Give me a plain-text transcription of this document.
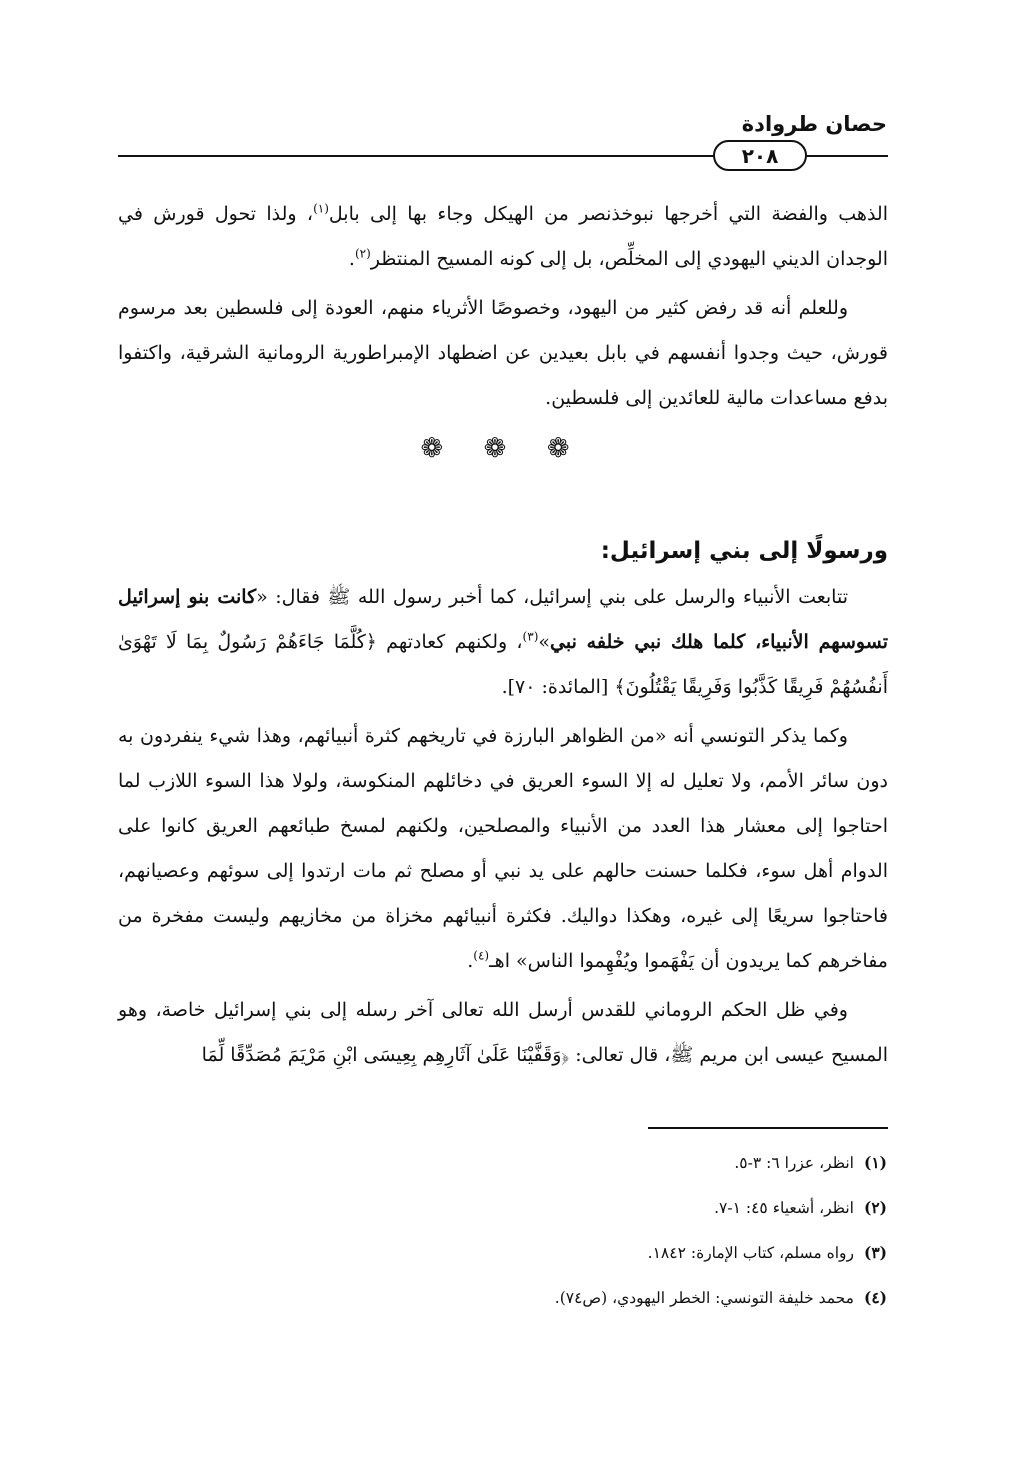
حصان طروادة
٢٠٨

الذهب والفضة التي أخرجها نبوخذنصر من الهيكل وجاء بها إلى بابل$^{(١)}$، ولذا تحول قورش في الوجدان الديني اليهودي إلى المخلِّص، بل إلى كونه المسيح المنتظر$^{(٢)}$.

وللعلم أنه قد رفض كثير من اليهود، وخصوصًا الأثرياء منهم، العودة إلى فلسطين بعد مرسوم قورش، حيث وجدوا أنفسهم في بابل بعيدين عن اضطهاد الإمبراطورية الرومانية الشرقية، واكتفوا بدفع مساعدات مالية للعائدين إلى فلسطين.

❁ ❁ ❁
ورسولًا إلى بني إسرائيل:

تتابعت الأنبياء والرسل على بني إسرائيل، كما أخبر رسول الله ﷺ فقال: «كانت بنو إسرائيل تسوسهم الأنبياء، كلما هلك نبي خلفه نبي»$^{(٣)}$، ولكنهم كعادتهم ﴿كُلَّمَا جَاءَهُمْ رَسُولٌ بِمَا لَا تَهْوَىٰ أَنفُسُهُمْ فَرِيقًا كَذَّبُوا وَفَرِيقًا يَقْتُلُونَ﴾ [المائدة: ٧٠].

وكما يذكر التونسي أنه «من الظواهر البارزة في تاريخهم كثرة أنبيائهم، وهذا شيء ينفردون به دون سائر الأمم، ولا تعليل له إلا السوء العريق في دخائلهم المنكوسة، ولولا هذا السوء اللازب لما احتاجوا إلى معشار هذا العدد من الأنبياء والمصلحين، ولكنهم لمسخ طبائعهم العريق كانوا على الدوام أهل سوء، فكلما حسنت حالهم على يد نبي أو مصلح ثم مات ارتدوا إلى سوئهم وعصيانهم، فاحتاجوا سريعًا إلى غيره، وهكذا دواليك. فكثرة أنبيائهم مخزاة من مخازيهم وليست مفخرة من مفاخرهم كما يريدون أن يَفْهَموا ويُفْهِموا الناس» اهـ$^{(٤)}$.

وفي ظل الحكم الروماني للقدس أرسل الله تعالى آخر رسله إلى بني إسرائيل خاصة، وهو المسيح عيسى ابن مريم ﷺ، قال تعالى: ﴿وَقَفَّيْنَا عَلَىٰ آثَارِهِم بِعِيسَى ابْنِ مَرْيَمَ مُصَدِّقًا لِّمَا

(١)انظر، عزرا ٦: ٣-٥.

(٢)انظر، أشعياء ٤٥: ١-٧.

(٣)رواه مسلم، كتاب الإمارة: ١٨٤٢.

(٤)محمد خليفة التونسي: الخطر اليهودي، (ص٧٤).
